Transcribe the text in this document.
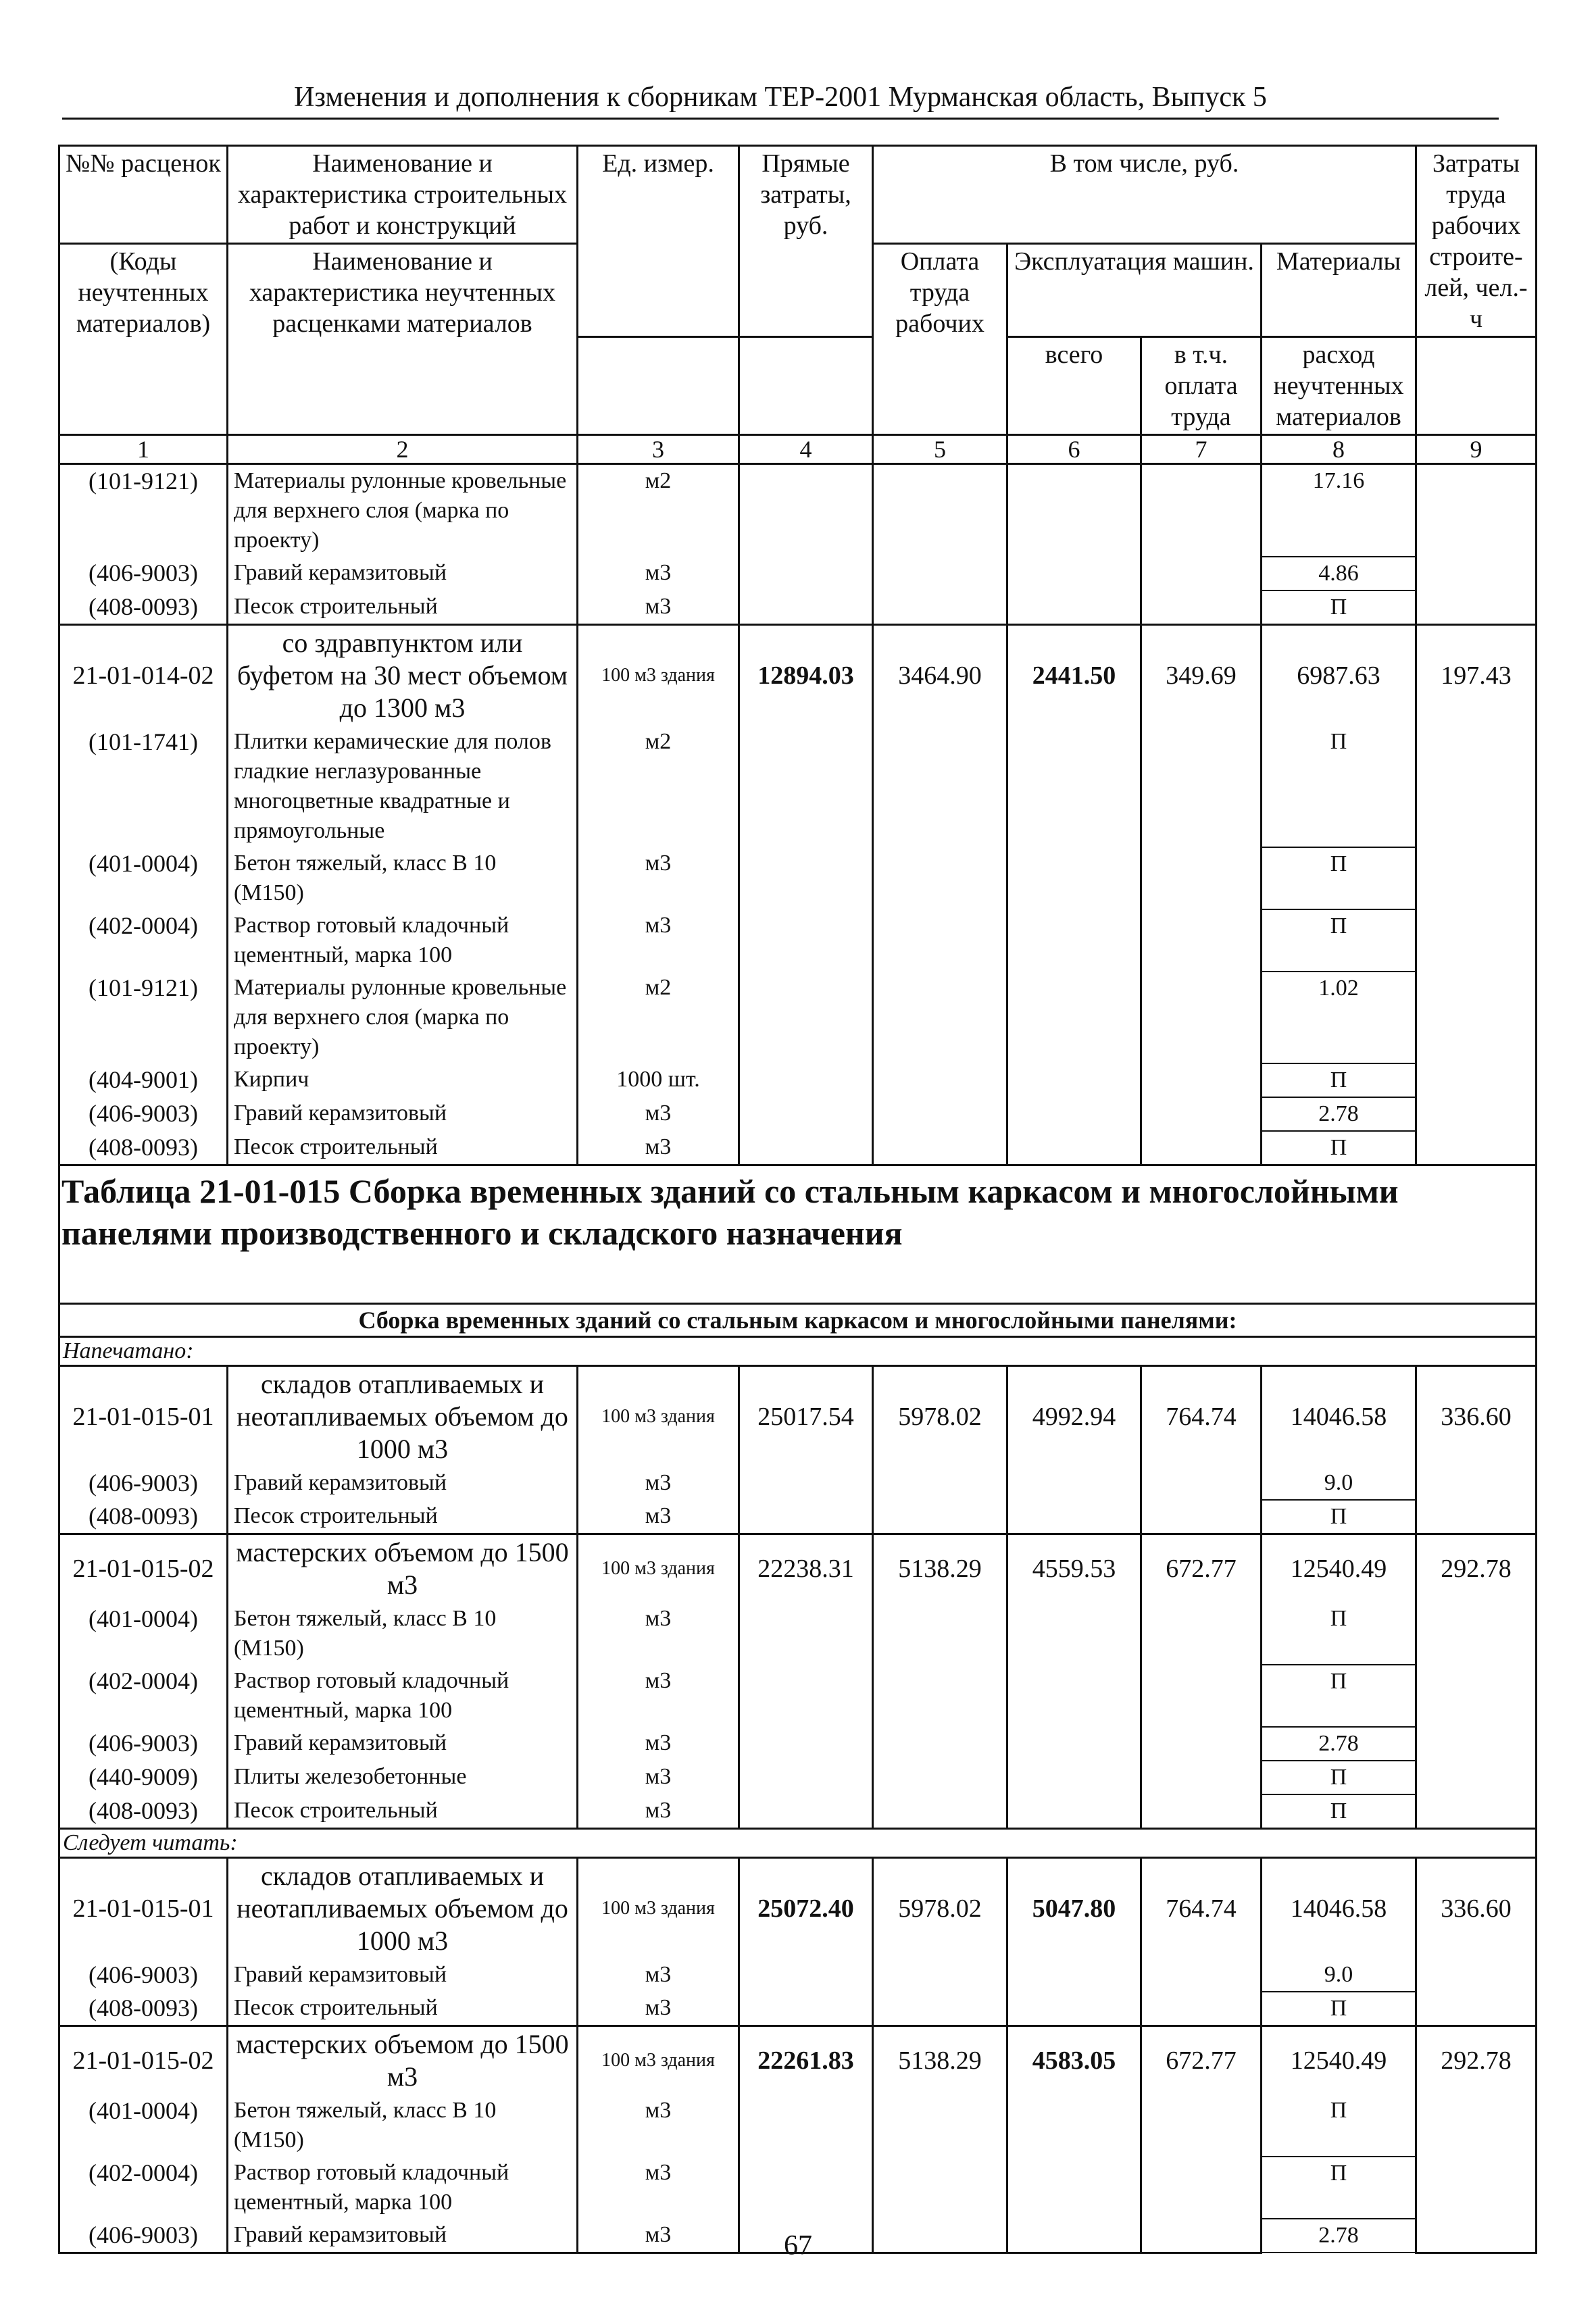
Изменения и дополнения к сборникам ТЕР-2001 Мурманская область, Выпуск 5
№№ расценок	Наименование и характеристика строительных работ и конструкций	Ед. измер.	Прямые затраты, руб.	В том числе, руб.				Затраты труда рабочих строите- лей, чел.-ч
(Коды неучтенных материалов)	Наименование и характеристика неучтенных расценками материалов			Оплата труда рабочих	Эксплуатация машин.		Материалы	
					всего	в т.ч. оплата труда	расход неучтенных материалов	
1	2	3	4	5	6	7	8	9
(101-9121)	Материалы рулонные кровельные для верхнего слоя (марка по проекту)	м2					17.16	
(406-9003)	Гравий керамзитовый	м3					4.86	
(408-0093)	Песок строительный	м3					П	
21-01-014-02	со здравпунктом или буфетом на 30 мест объемом до 1300 м3	100 м3 здания	12894.03	3464.90	2441.50	349.69	6987.63	197.43
(101-1741)	Плитки керамические для полов гладкие неглазурованные многоцветные квадратные и прямоугольные	м2					П	
(401-0004)	Бетон тяжелый, класс В 10 (М150)	м3					П	
(402-0004)	Раствор готовый кладочный цементный, марка 100	м3					П	
(101-9121)	Материалы рулонные кровельные для верхнего слоя (марка по проекту)	м2					1.02	
(404-9001)	Кирпич	1000 шт.					П	
(406-9003)	Гравий керамзитовый	м3					2.78	
(408-0093)	Песок строительный	м3					П	
Таблица 21-01-015 Сборка временных зданий со стальным каркасом и многослойными панелями производственного и складского назначения								
Сборка временных зданий со стальным каркасом и многослойными панелями:								
Напечатано:								
21-01-015-01	складов отапливаемых и неотапливаемых объемом до 1000 м3	100 м3 здания	25017.54	5978.02	4992.94	764.74	14046.58	336.60
(406-9003)	Гравий керамзитовый	м3					9.0	
(408-0093)	Песок строительный	м3					П	
21-01-015-02	мастерских объемом до 1500 м3	100 м3 здания	22238.31	5138.29	4559.53	672.77	12540.49	292.78
(401-0004)	Бетон тяжелый, класс В 10 (М150)	м3					П	
(402-0004)	Раствор готовый кладочный цементный, марка 100	м3					П	
(406-9003)	Гравий керамзитовый	м3					2.78	
(440-9009)	Плиты железобетонные	м3					П	
(408-0093)	Песок строительный	м3					П	
Следует читать:								
21-01-015-01	складов отапливаемых и неотапливаемых объемом до 1000 м3	100 м3 здания	25072.40	5978.02	5047.80	764.74	14046.58	336.60
(406-9003)	Гравий керамзитовый	м3					9.0	
(408-0093)	Песок строительный	м3					П	
21-01-015-02	мастерских объемом до 1500 м3	100 м3 здания	22261.83	5138.29	4583.05	672.77	12540.49	292.78
(401-0004)	Бетон тяжелый, класс В 10 (М150)	м3					П	
(402-0004)	Раствор готовый кладочный цементный, марка 100	м3					П	
(406-9003)	Гравий керамзитовый	м3					2.78	
67
